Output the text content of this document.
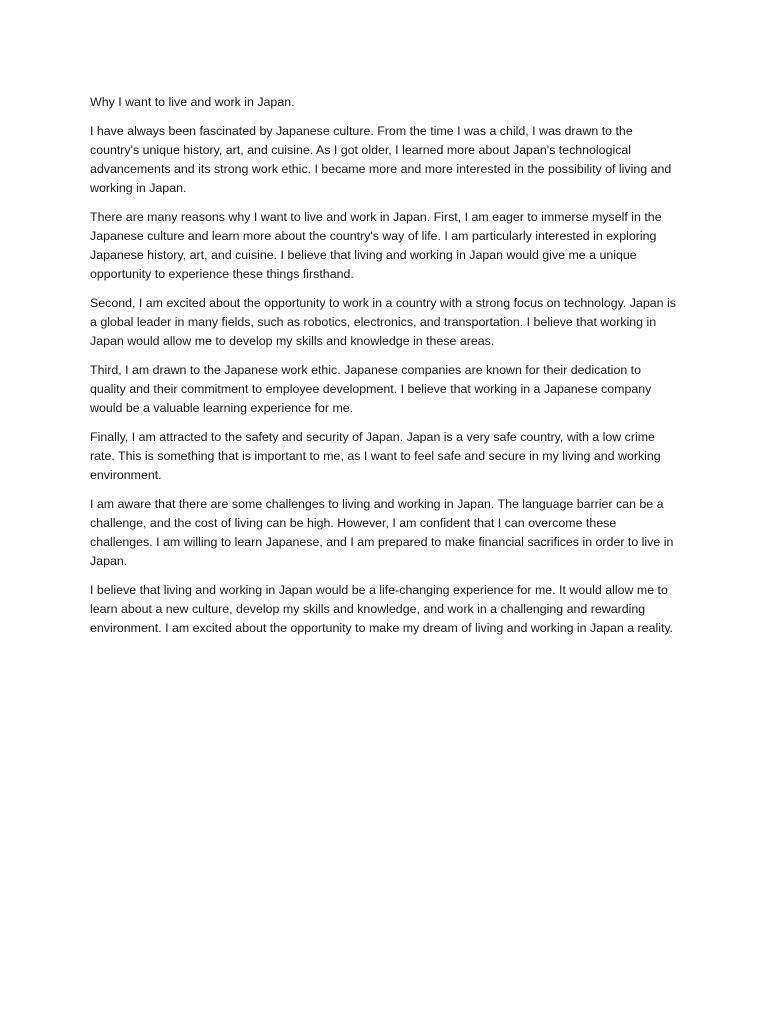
Why I want to live and work in Japan.

I have always been fascinated by Japanese culture. From the time I was a child, I was drawn to the country's unique history, art, and cuisine. As I got older, I learned more about Japan's technological advancements and its strong work ethic. I became more and more interested in the possibility of living and working in Japan.

There are many reasons why I want to live and work in Japan. First, I am eager to immerse myself in the Japanese culture and learn more about the country's way of life. I am particularly interested in exploring Japanese history, art, and cuisine. I believe that living and working in Japan would give me a unique opportunity to experience these things firsthand.

Second, I am excited about the opportunity to work in a country with a strong focus on technology. Japan is a global leader in many fields, such as robotics, electronics, and transportation. I believe that working in Japan would allow me to develop my skills and knowledge in these areas.

Third, I am drawn to the Japanese work ethic. Japanese companies are known for their dedication to quality and their commitment to employee development. I believe that working in a Japanese company would be a valuable learning experience for me.

Finally, I am attracted to the safety and security of Japan. Japan is a very safe country, with a low crime rate. This is something that is important to me, as I want to feel safe and secure in my living and working environment.

I am aware that there are some challenges to living and working in Japan. The language barrier can be a challenge, and the cost of living can be high. However, I am confident that I can overcome these challenges. I am willing to learn Japanese, and I am prepared to make financial sacrifices in order to live in Japan.

I believe that living and working in Japan would be a life-changing experience for me. It would allow me to learn about a new culture, develop my skills and knowledge, and work in a challenging and rewarding environment. I am excited about the opportunity to make my dream of living and working in Japan a reality.
